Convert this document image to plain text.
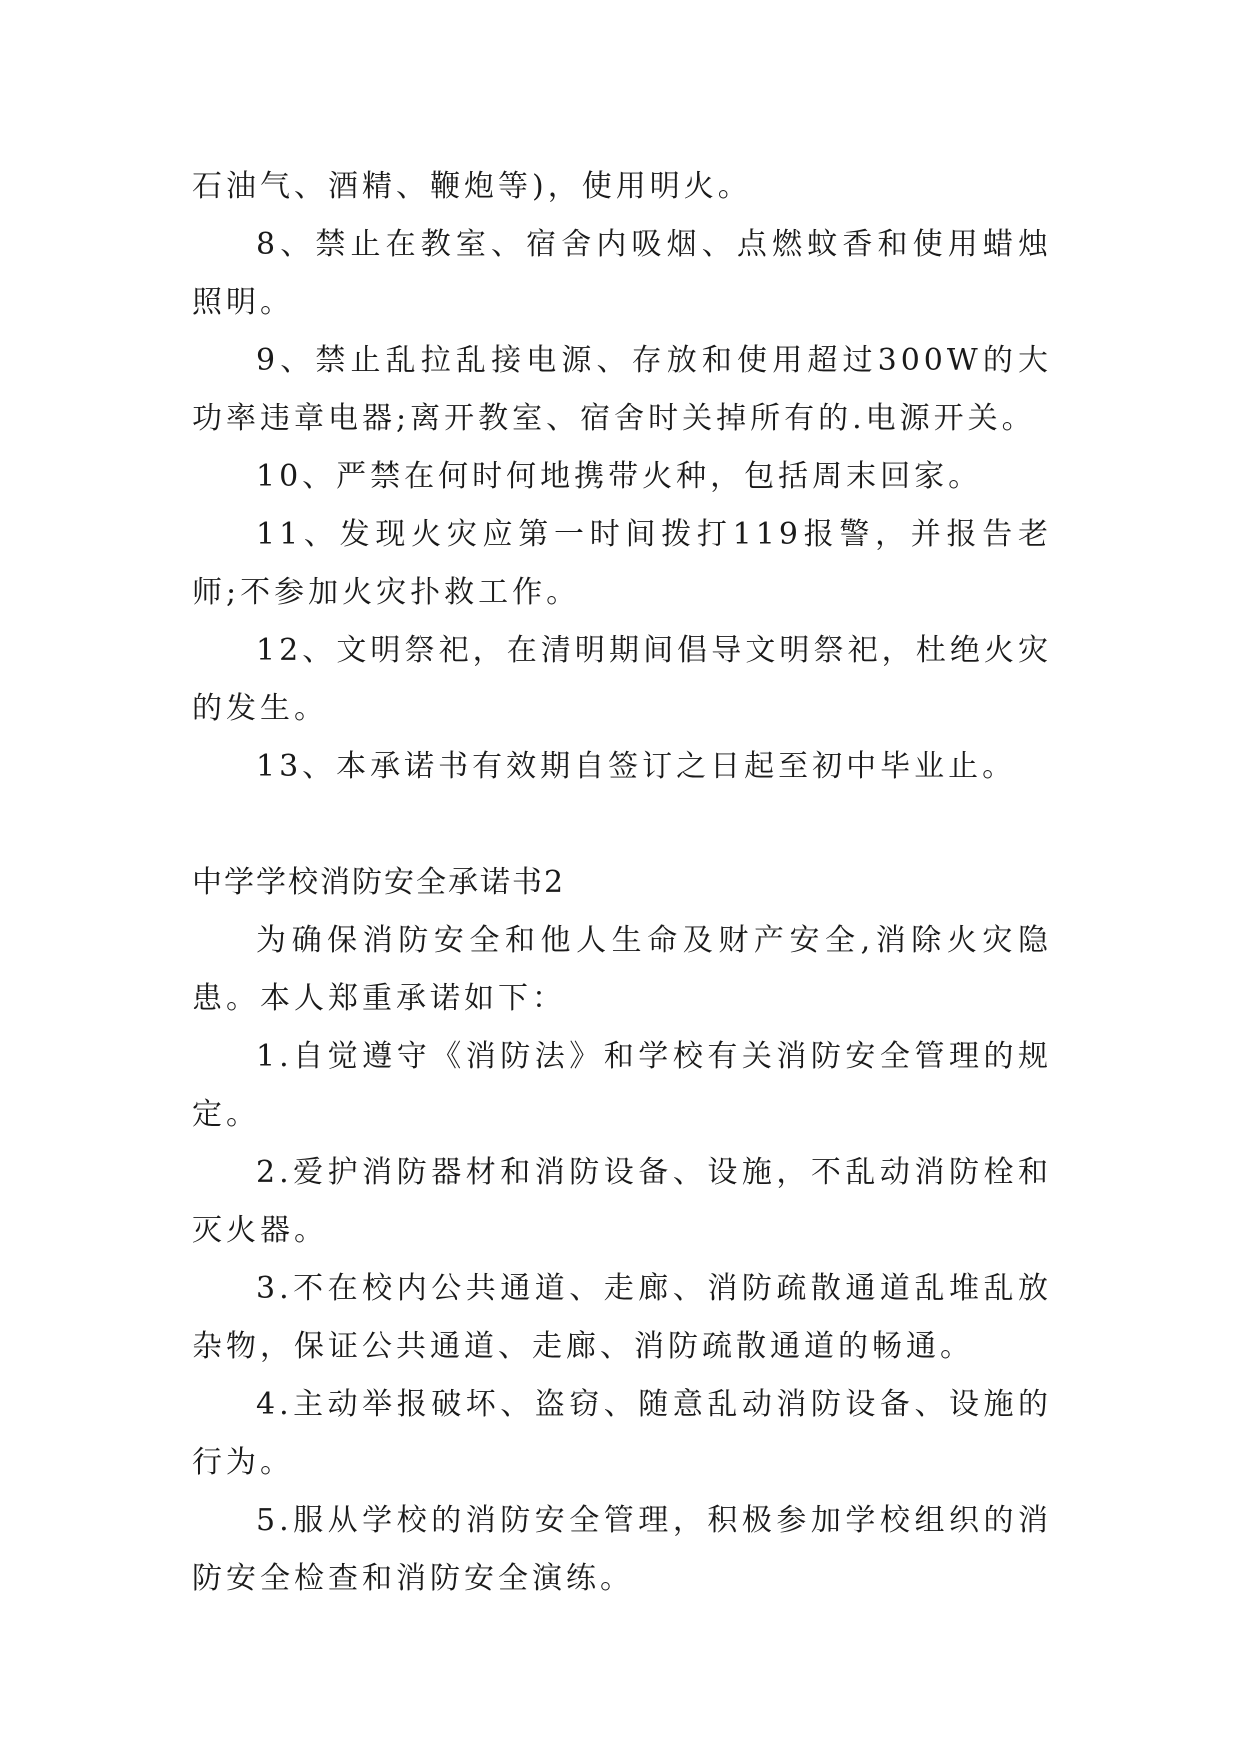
石油气、酒精、鞭炮等)，使用明火。

8、禁止在教室、宿舍内吸烟、点燃蚊香和使用蜡烛照明。

9、禁止乱拉乱接电源、存放和使用超过300W的大功率违章电器;离开教室、宿舍时关掉所有的.电源开关。

10、严禁在何时何地携带火种，包括周末回家。

11、发现火灾应第一时间拨打119报警，并报告老师;不参加火灾扑救工作。

12、文明祭祀，在清明期间倡导文明祭祀，杜绝火灾的发生。

13、本承诺书有效期自签订之日起至初中毕业止。

中学学校消防安全承诺书2

为确保消防安全和他人生命及财产安全,消除火灾隐患。本人郑重承诺如下：

1.自觉遵守《消防法》和学校有关消防安全管理的规定。

2.爱护消防器材和消防设备、设施，不乱动消防栓和灭火器。

3.不在校内公共通道、走廊、消防疏散通道乱堆乱放杂物，保证公共通道、走廊、消防疏散通道的畅通。

4.主动举报破坏、盗窃、随意乱动消防设备、设施的行为。

5.服从学校的消防安全管理，积极参加学校组织的消防安全检查和消防安全演练。
